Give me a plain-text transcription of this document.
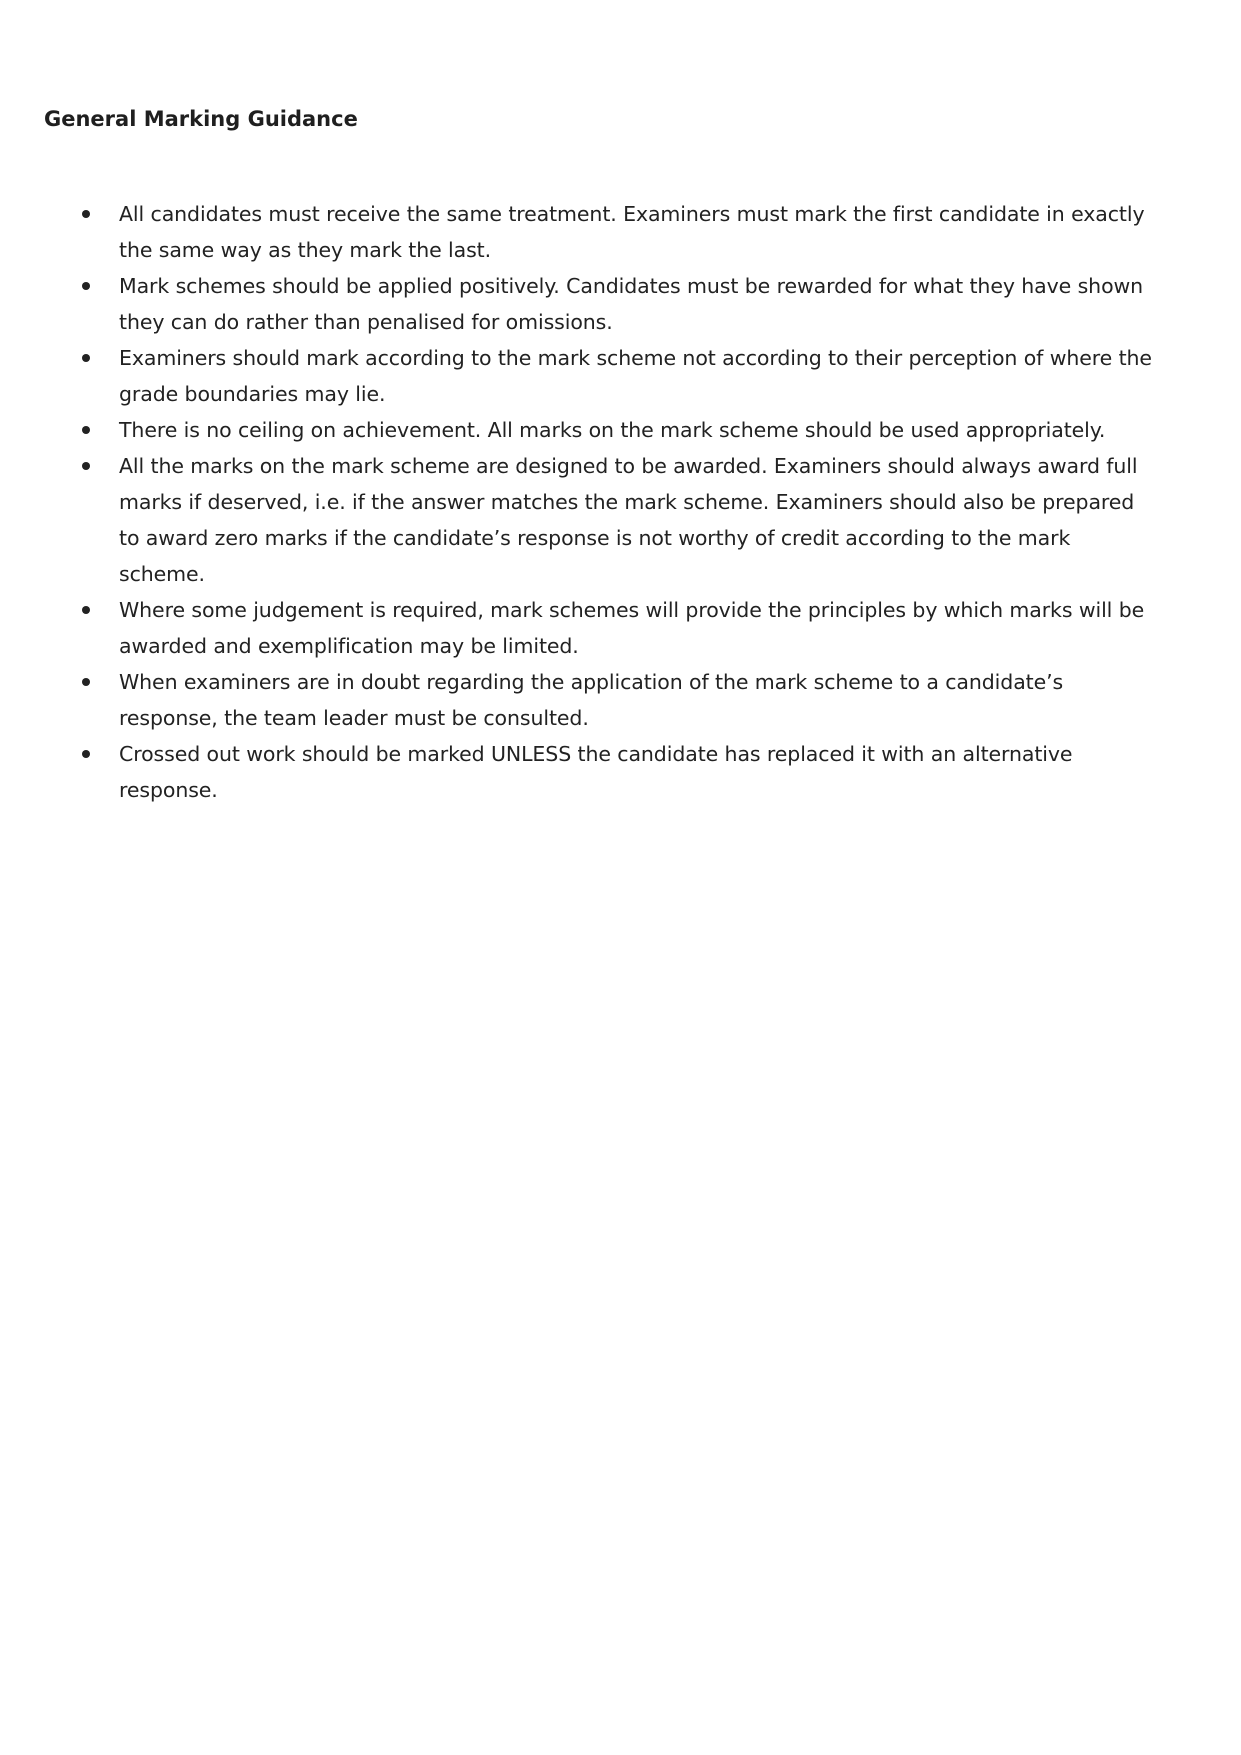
General Marking Guidance
All candidates must receive the same treatment. Examiners must mark the first candidate in exactly the same way as they mark the last.
Mark schemes should be applied positively. Candidates must be rewarded for what they have shown they can do rather than penalised for omissions.
Examiners should mark according to the mark scheme not according to their perception of where the grade boundaries may lie.
There is no ceiling on achievement. All marks on the mark scheme should be used appropriately.
All the marks on the mark scheme are designed to be awarded. Examiners should always award full marks if deserved, i.e. if the answer matches the mark scheme. Examiners should also be prepared to award zero marks if the candidate’s response is not worthy of credit according to the mark scheme.
Where some judgement is required, mark schemes will provide the principles by which marks will be awarded and exemplification may be limited.
When examiners are in doubt regarding the application of the mark scheme to a candidate’s response, the team leader must be consulted.
Crossed out work should be marked UNLESS the candidate has replaced it with an alternative response.
